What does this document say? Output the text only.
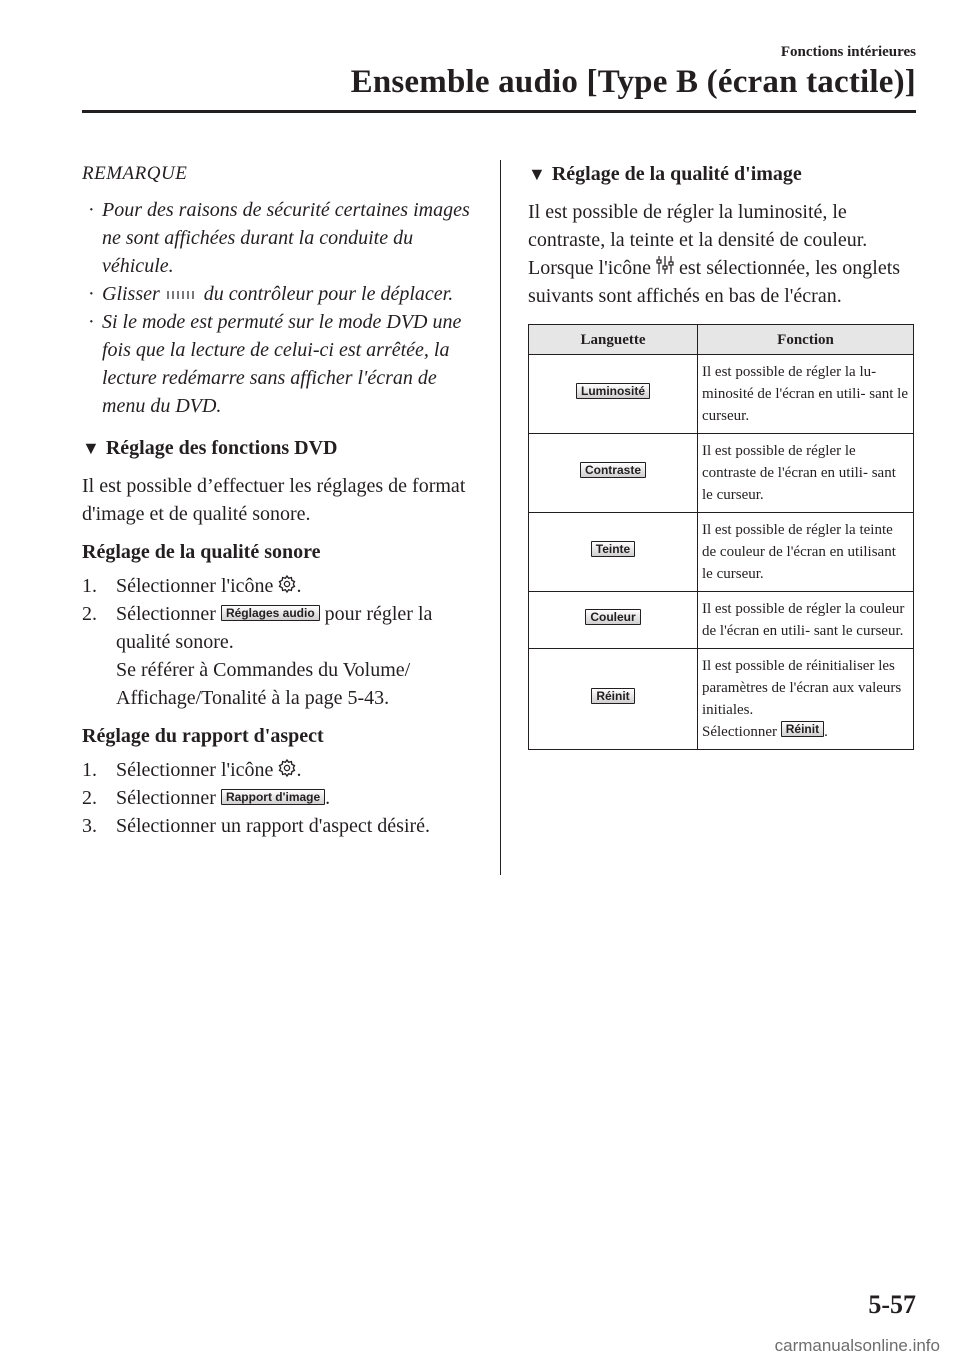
Fonctions intérieures
Ensemble audio [Type B (écran tactile)]
REMARQUE
· Pour des raisons de sécurité certaines images ne sont affichées durant la conduite du véhicule.
· Glisser du contrôleur pour le déplacer.
· Si le mode est permuté sur le mode DVD une fois que la lecture de celui-ci est arrêtée, la lecture redémarre sans afficher l'écran de menu du DVD.
▼ Réglage des fonctions DVD

Il est possible d’effectuer les réglages de format d'image et de qualité sonore.

Réglage de la qualité sonore
1. Sélectionner l'icône .
2. Sélectionner Réglages audio pour régler la qualité sonore.
Se référer à Commandes du Volume/ Affichage/Tonalité à la page 5-43.
Réglage du rapport d'aspect
1. Sélectionner l'icône .
2. Sélectionner Rapport d'image .
3. Sélectionner un rapport d'aspect désiré.
▼ Réglage de la qualité d'image

Il est possible de régler la luminosité, le contraste, la teinte et la densité de couleur. Lorsque l'icône est sélectionnée, les onglets suivants sont affichés en bas de l'écran.

Languette	Fonction
Luminosité	Il est possible de régler la lu- minosité de l'écran en utili- sant le curseur.
Contraste	Il est possible de régler le contraste de l'écran en utili- sant le curseur.
Teinte	Il est possible de régler la teinte de couleur de l'écran en utilisant le curseur.
Couleur	Il est possible de régler la couleur de l'écran en utili- sant le curseur.
Réinit	Il est possible de réinitialiser les paramètres de l'écran aux valeurs initiales.
Sélectionner Réinit .
5-57
carmanualsonline.info
